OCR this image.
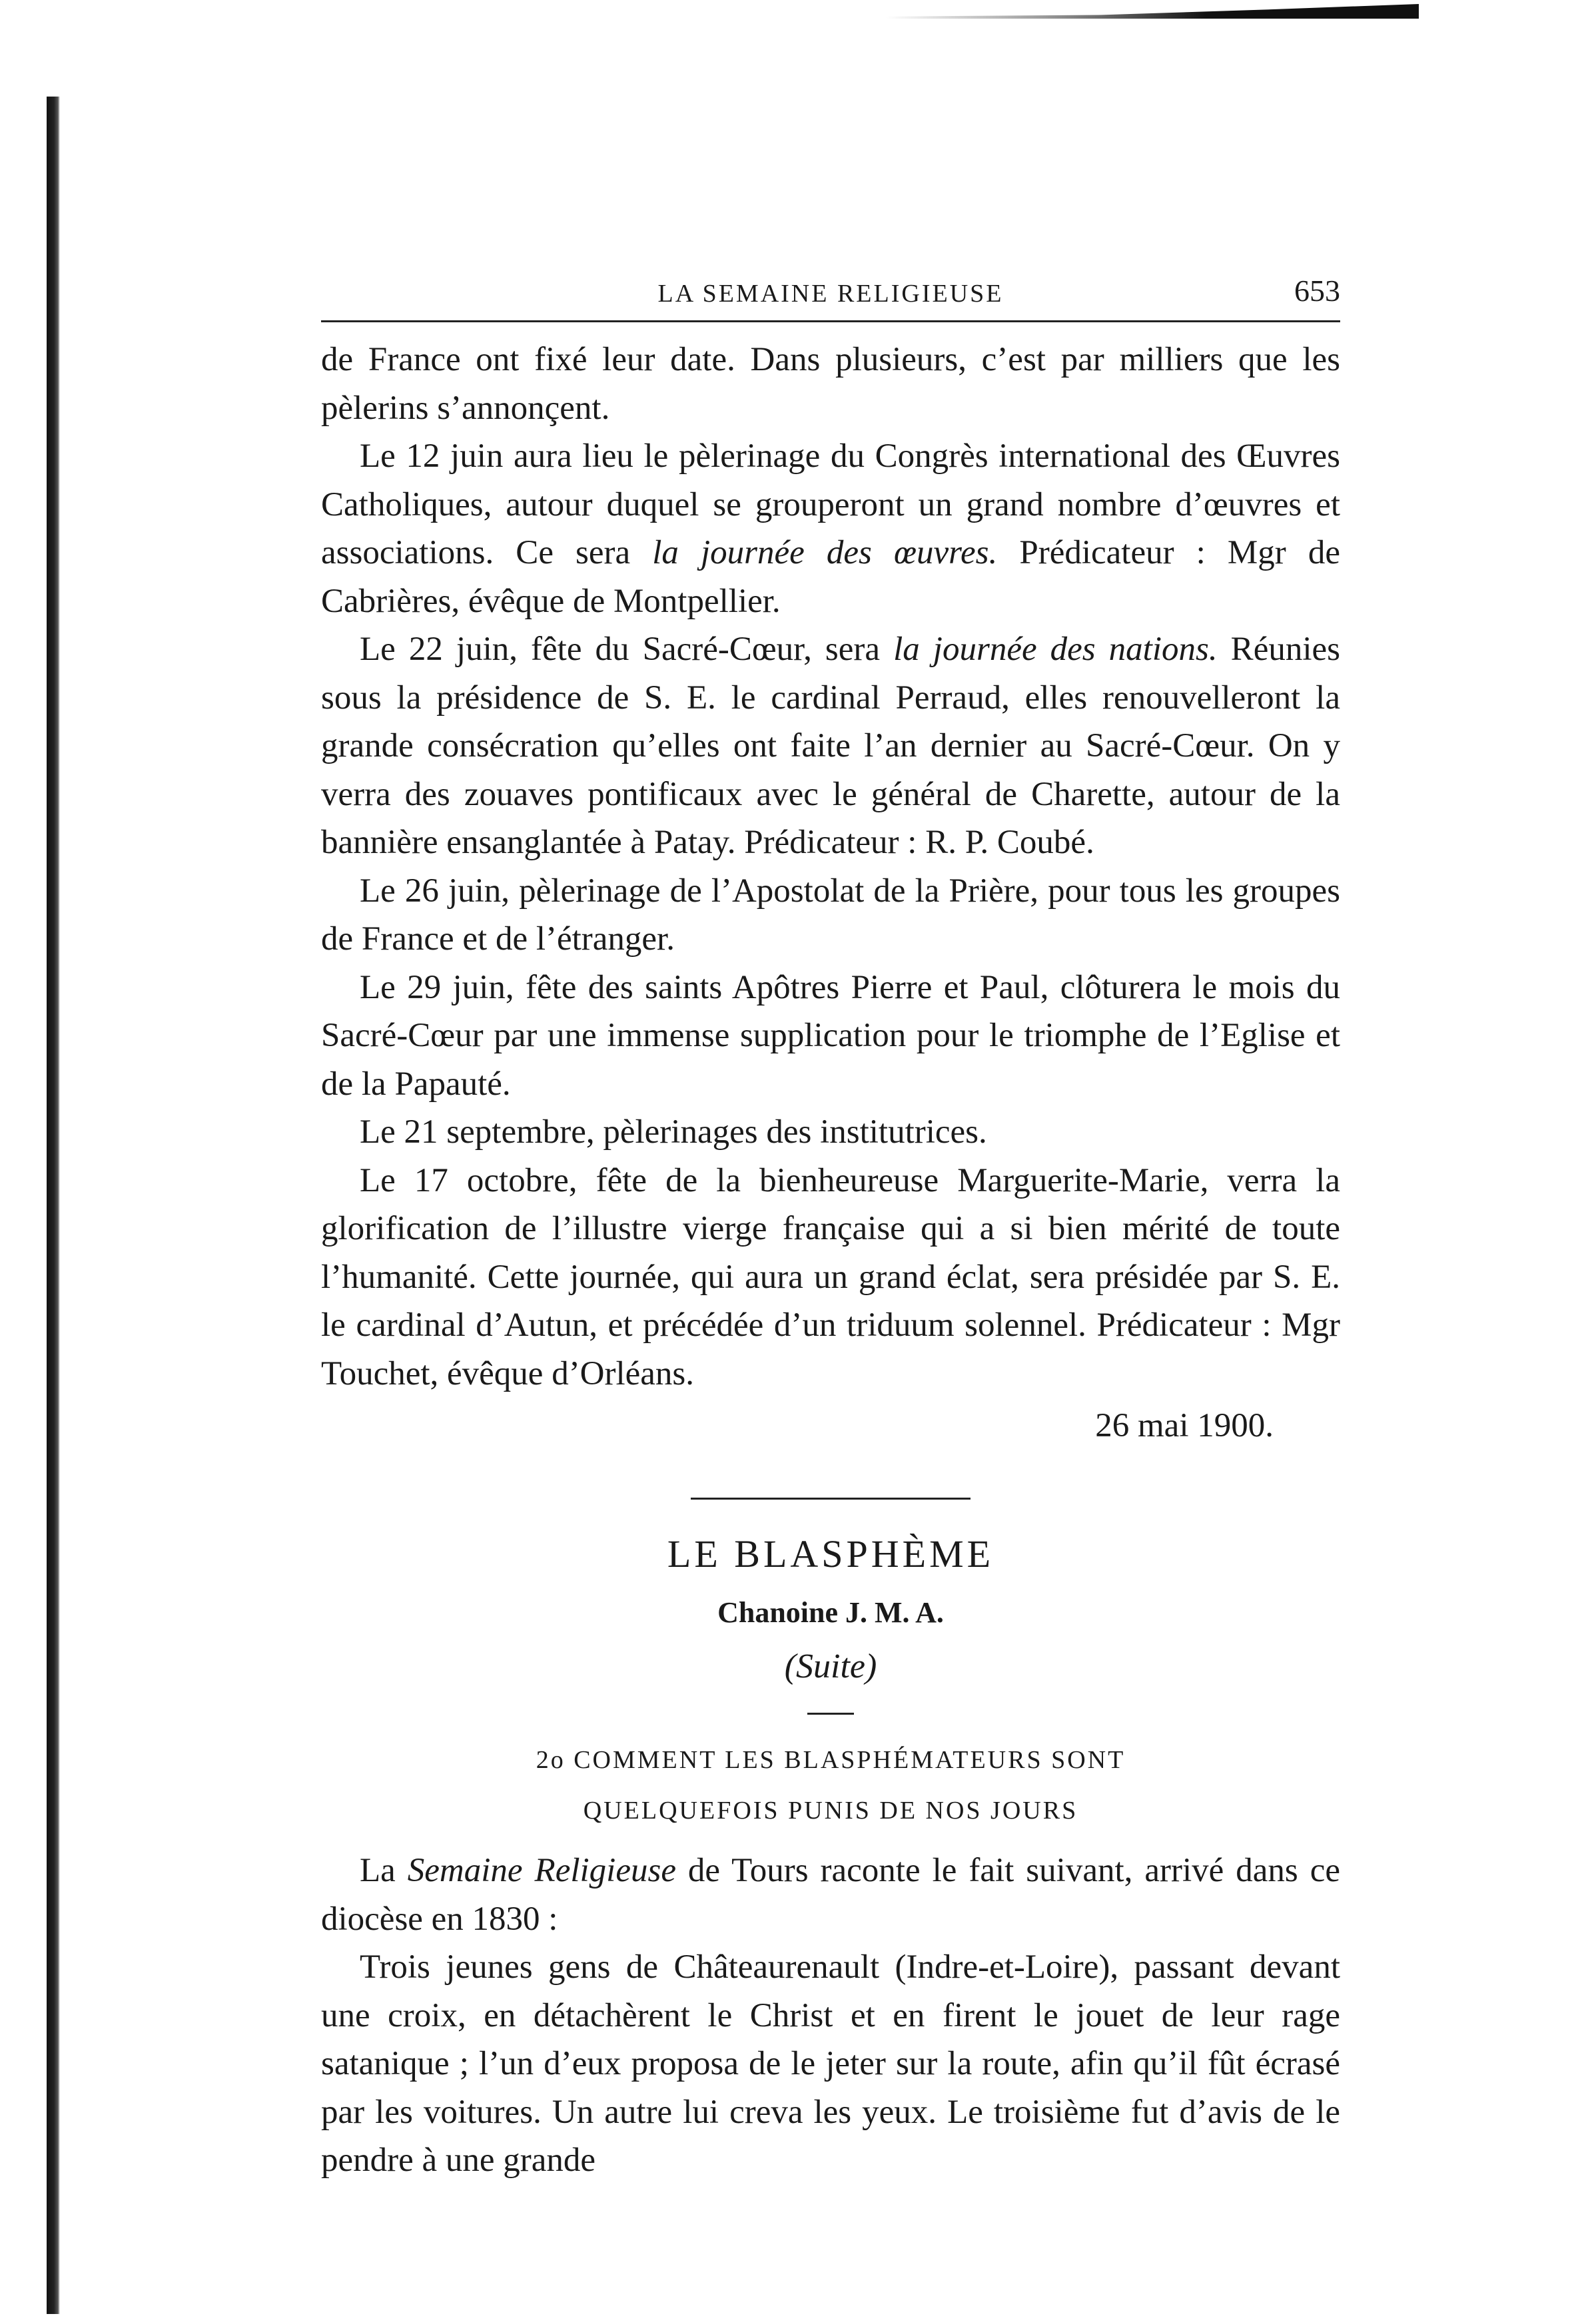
LA SEMAINE RELIGIEUSE	653

de France ont fixé leur date. Dans plusieurs, c’est par milliers que les pèlerins s’annonçent.

Le 12 juin aura lieu le pèlerinage du Congrès international des Œuvres Catholiques, autour duquel se grouperont un grand nombre d’œuvres et associations. Ce sera la journée des œuvres. Prédicateur : Mgr de Cabrières, évêque de Montpellier.

Le 22 juin, fête du Sacré-Cœur, sera la journée des nations. Réunies sous la présidence de S. E. le cardinal Perraud, elles renouvelleront la grande consécration qu’elles ont faite l’an dernier au Sacré-Cœur. On y verra des zouaves pontificaux avec le général de Charette, autour de la bannière ensanglantée à Patay. Prédicateur : R. P. Coubé.

Le 26 juin, pèlerinage de l’Apostolat de la Prière, pour tous les groupes de France et de l’étranger.

Le 29 juin, fête des saints Apôtres Pierre et Paul, clôturera le mois du Sacré-Cœur par une immense supplication pour le triomphe de l’Eglise et de la Papauté.

Le 21 septembre, pèlerinages des institutrices.

Le 17 octobre, fête de la bienheureuse Marguerite-Marie, verra la glorification de l’illustre vierge française qui a si bien mérité de toute l’humanité. Cette journée, qui aura un grand éclat, sera présidée par S. E. le cardinal d’Autun, et précédée d’un triduum solennel. Prédicateur : Mgr Touchet, évêque d’Orléans.

26 mai 1900.

LE BLASPHÈME
Chanoine J. M. A.
(Suite)
2o COMMENT LES BLASPHÉMATEURS SONT
QUELQUEFOIS PUNIS DE NOS JOURS

La Semaine Religieuse de Tours raconte le fait suivant, arrivé dans ce diocèse en 1830 :

Trois jeunes gens de Châteaurenault (Indre-et-Loire), passant devant une croix, en détachèrent le Christ et en firent le jouet de leur rage satanique ; l’un d’eux proposa de le jeter sur la route, afin qu’il fût écrasé par les voitures. Un autre lui creva les yeux. Le troisième fut d’avis de le pendre à une grande
